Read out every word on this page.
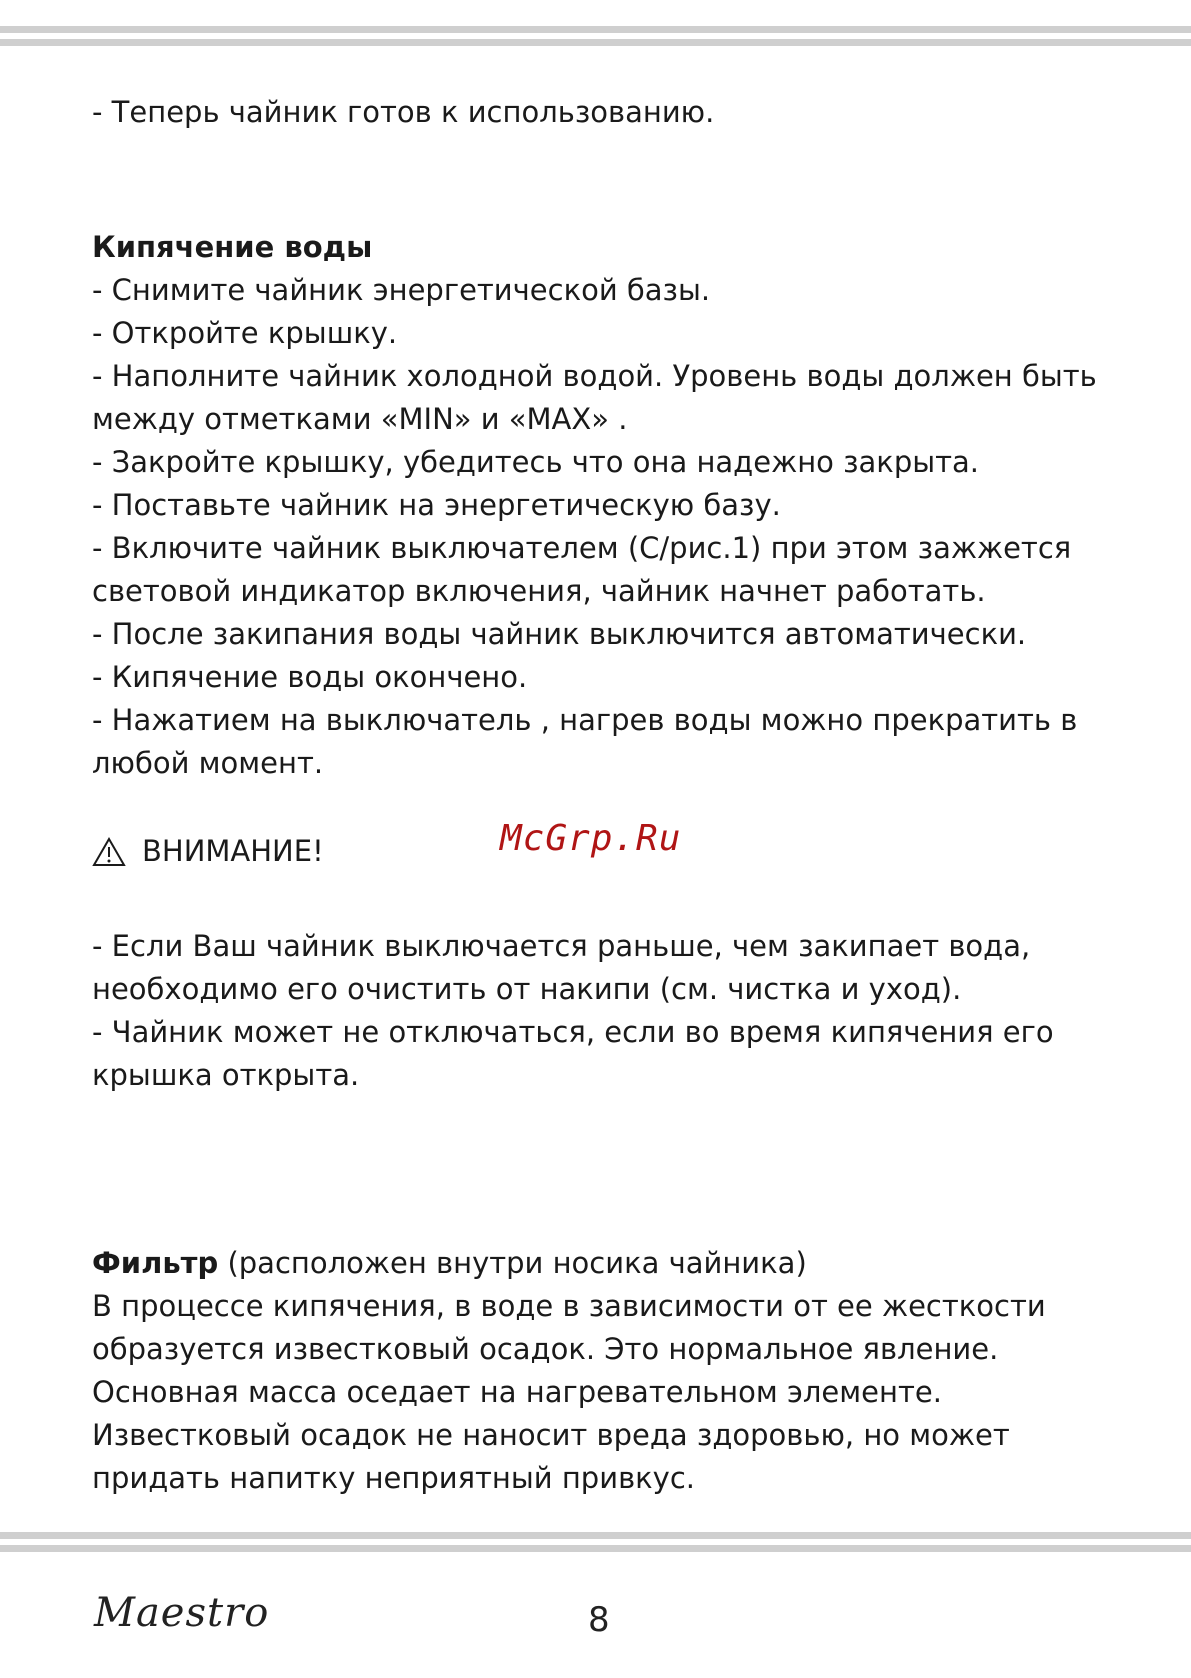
- Теперь чайник готов к использованию.

Кипячение воды

- Снимите чайник энергетической базы.

- Откройте крышку.

- Наполните чайник холодной водой. Уровень воды должен быть

между отметками «MIN» и «MAX» .

- Закройте крышку, убедитесь что она надежно закрыта.

- Поставьте чайник на энергетическую базу.

- Включите чайник выключателем (C/рис.1) при этом зажжется

световой индикатор включения, чайник начнет работать.

- После закипания воды чайник выключится автоматически.

- Кипячение воды окончено.

- Нажатием на выключатель , нагрев воды можно прекратить в

любой момент.

ВНИМАНИЕ!	McGrp.Ru

- Если Ваш чайник выключается раньше, чем закипает вода,

необходимо его очистить от накипи (см. чистка и уход).

- Чайник может не отключаться, если во время кипячения его

крышка открыта.

Фильтр (расположен внутри носика чайника)

В процессе кипячения, в воде в зависимости от ее жесткости

образуется известковый осадок. Это нормальное явление.

Основная масса оседает на нагревательном элементе.

Известковый осадок не наносит вреда здоровью, но может

придать напитку неприятный привкус.

Maestro	8
